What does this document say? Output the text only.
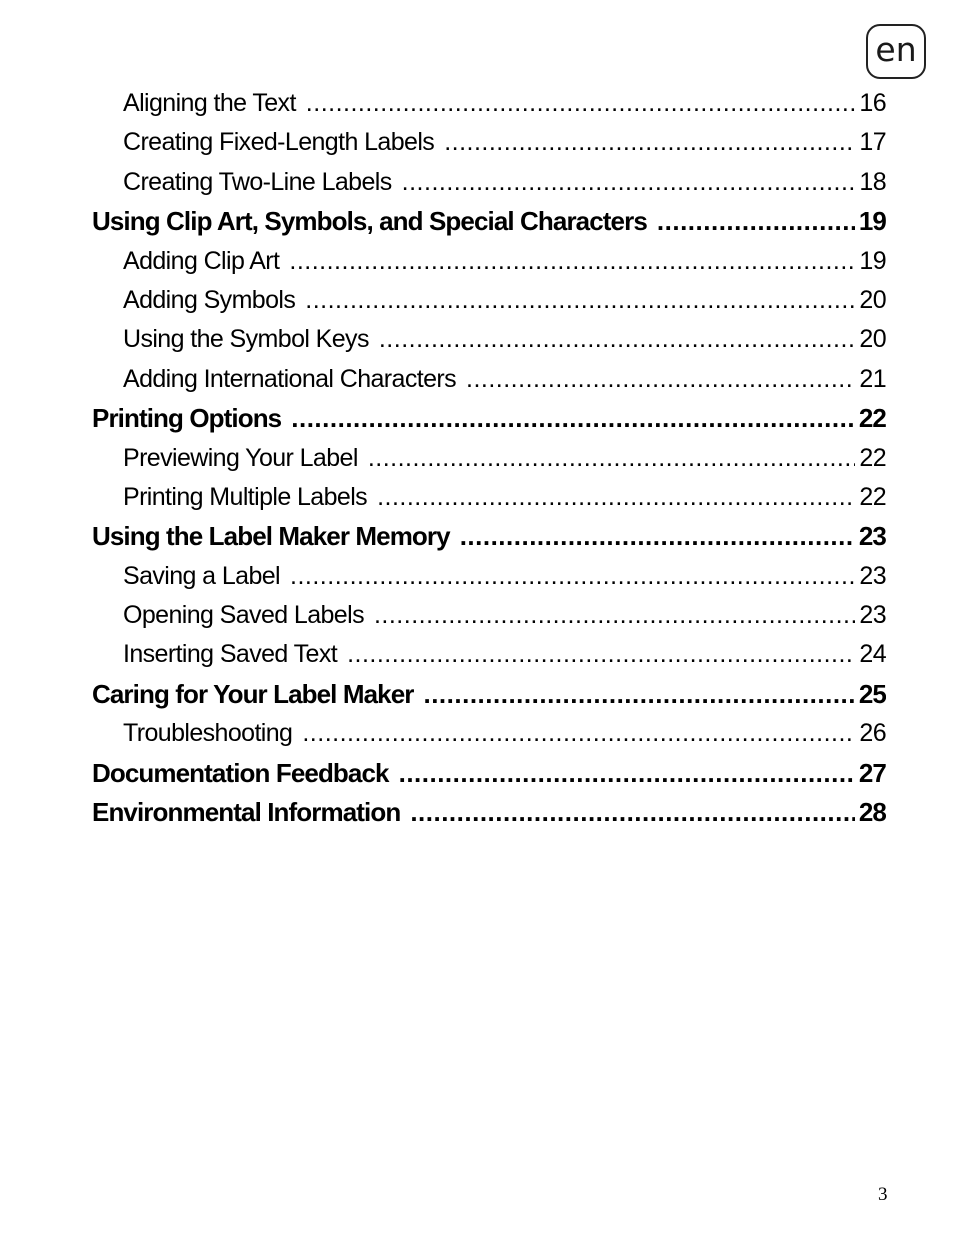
en
Aligning the Text .....	16
Creating Fixed-Length Labels .....	17
Creating Two-Line Labels .....	18
Using Clip Art, Symbols, and Special Characters .....	19
Adding Clip Art .....	19
Adding Symbols .....	20
Using the Symbol Keys .....	20
Adding International Characters .....	21
Printing Options .....	22
Previewing Your Label .....	22
Printing Multiple Labels .....	22
Using the Label Maker Memory .....	23
Saving a Label .....	23
Opening Saved Labels .....	23
Inserting Saved Text .....	24
Caring for Your Label Maker .....	25
Troubleshooting .....	26
Documentation Feedback .....	27
Environmental Information .....	28
3
